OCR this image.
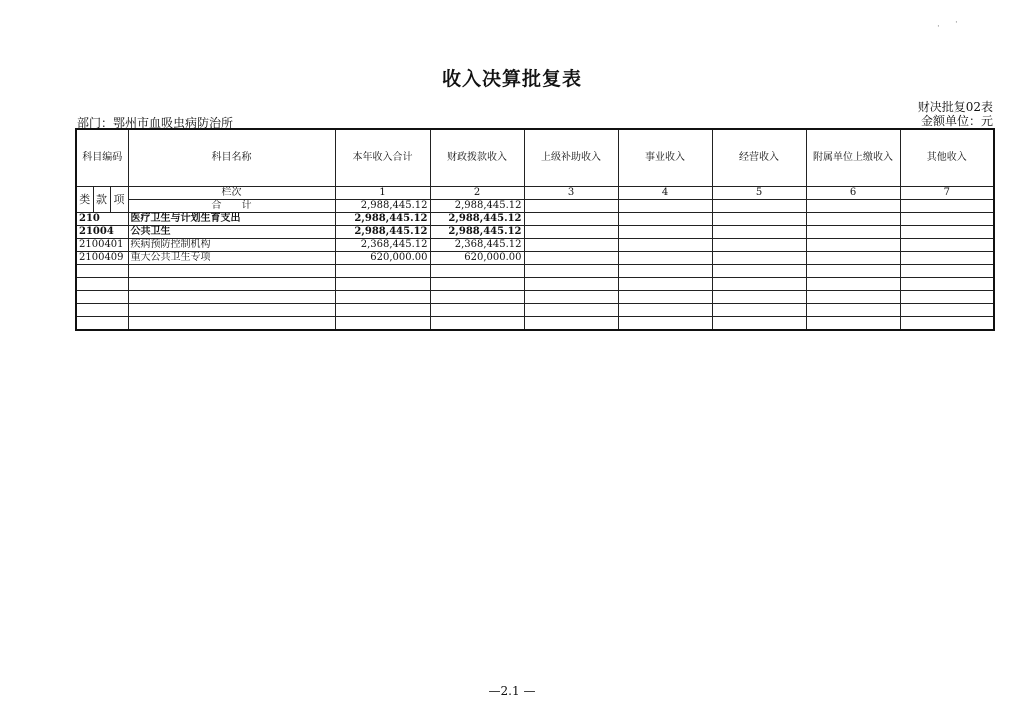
收入决算批复表
部门：鄂州市血吸虫病防治所
财决批复02表
金额单位：元
· ·
科目编码			科目名称	本年收入合计	财政拨款收入	上级补助收入	事业收入	经营收入	附属单位上缴收入	其他收入
类	款	项	栏次	1	2	3	4	5	6	7
			合　　计	2,988,445.12	2,988,445.12					
210			医疗卫生与计划生育支出	2,988,445.12	2,988,445.12					
21004			公共卫生	2,988,445.12	2,988,445.12					
2100401			疾病预防控制机构	2,368,445.12	2,368,445.12					
2100409			重大公共卫生专项	620,000.00	620,000.00					

—2.1 —
